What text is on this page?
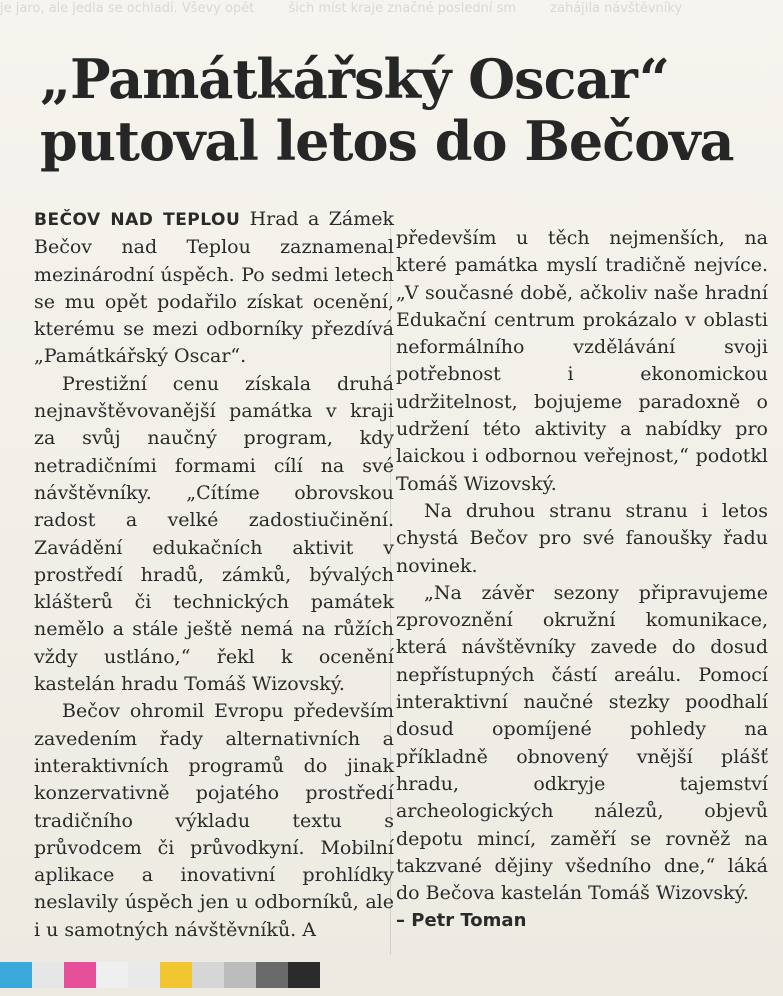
je jaro, ale jedla se ochladí. Vševy opět	šich míst kraje značné poslední sm	zahájila návštěvníky
„Památkářský Oscar“
putoval letos do Bečova

BEČOV NAD TEPLOU Hrad a Zámek Bečov nad Teplou zaznamenal mezinárodní úspěch. Po sedmi letech se mu opět podařilo získat ocenění, kterému se mezi odborníky přezdívá „Památkářský Oscar“.

Prestižní cenu získala druhá nejnavštěvovanější památka v kraji za svůj naučný program, kdy netradičními formami cílí na své návštěvníky. „Cítíme obrovskou radost a velké zadostiučinění. Zavádění edukačních aktivit v prostředí hradů, zámků, bývalých klášterů či technických památek nemělo a stále ještě nemá na růžích vždy ustláno,“ řekl k ocenění kastelán hradu Tomáš Wizovský.

Bečov ohromil Evropu především zavedením řady alternativních a interaktivních programů do jinak konzervativně pojatého prostředí tradičního výkladu textu s průvodcem či průvodkyní. Mobilní aplikace a inovativní prohlídky neslavily úspěch jen u odborníků, ale i u samotných návštěvníků. A

především u těch nejmenších, na které památka myslí tradičně nejvíce. „V současné době, ačkoliv naše hradní Edukační centrum prokázalo v oblasti neformálního vzdělávání svoji potřebnost i ekonomickou udržitelnost, bojujeme paradoxně o udržení této aktivity a nabídky pro laickou i odbornou veřejnost,“ podotkl Tomáš Wizovský.

Na druhou stranu stranu i letos chystá Bečov pro své fanoušky řadu novinek.

„Na závěr sezony připravujeme zprovoznění okružní komunikace, která návštěvníky zavede do dosud nepřístupných částí areálu. Pomocí interaktivní naučné stezky poodhalí dosud opomíjené pohledy na příkladně obnovený vnější plášť hradu, odkryje tajemství archeologických nálezů, objevů depotu mincí, zaměří se rovněž na takzvané dějiny všedního dne,“ láká do Bečova kastelán Tomáš Wizovský.

– Petr Toman
